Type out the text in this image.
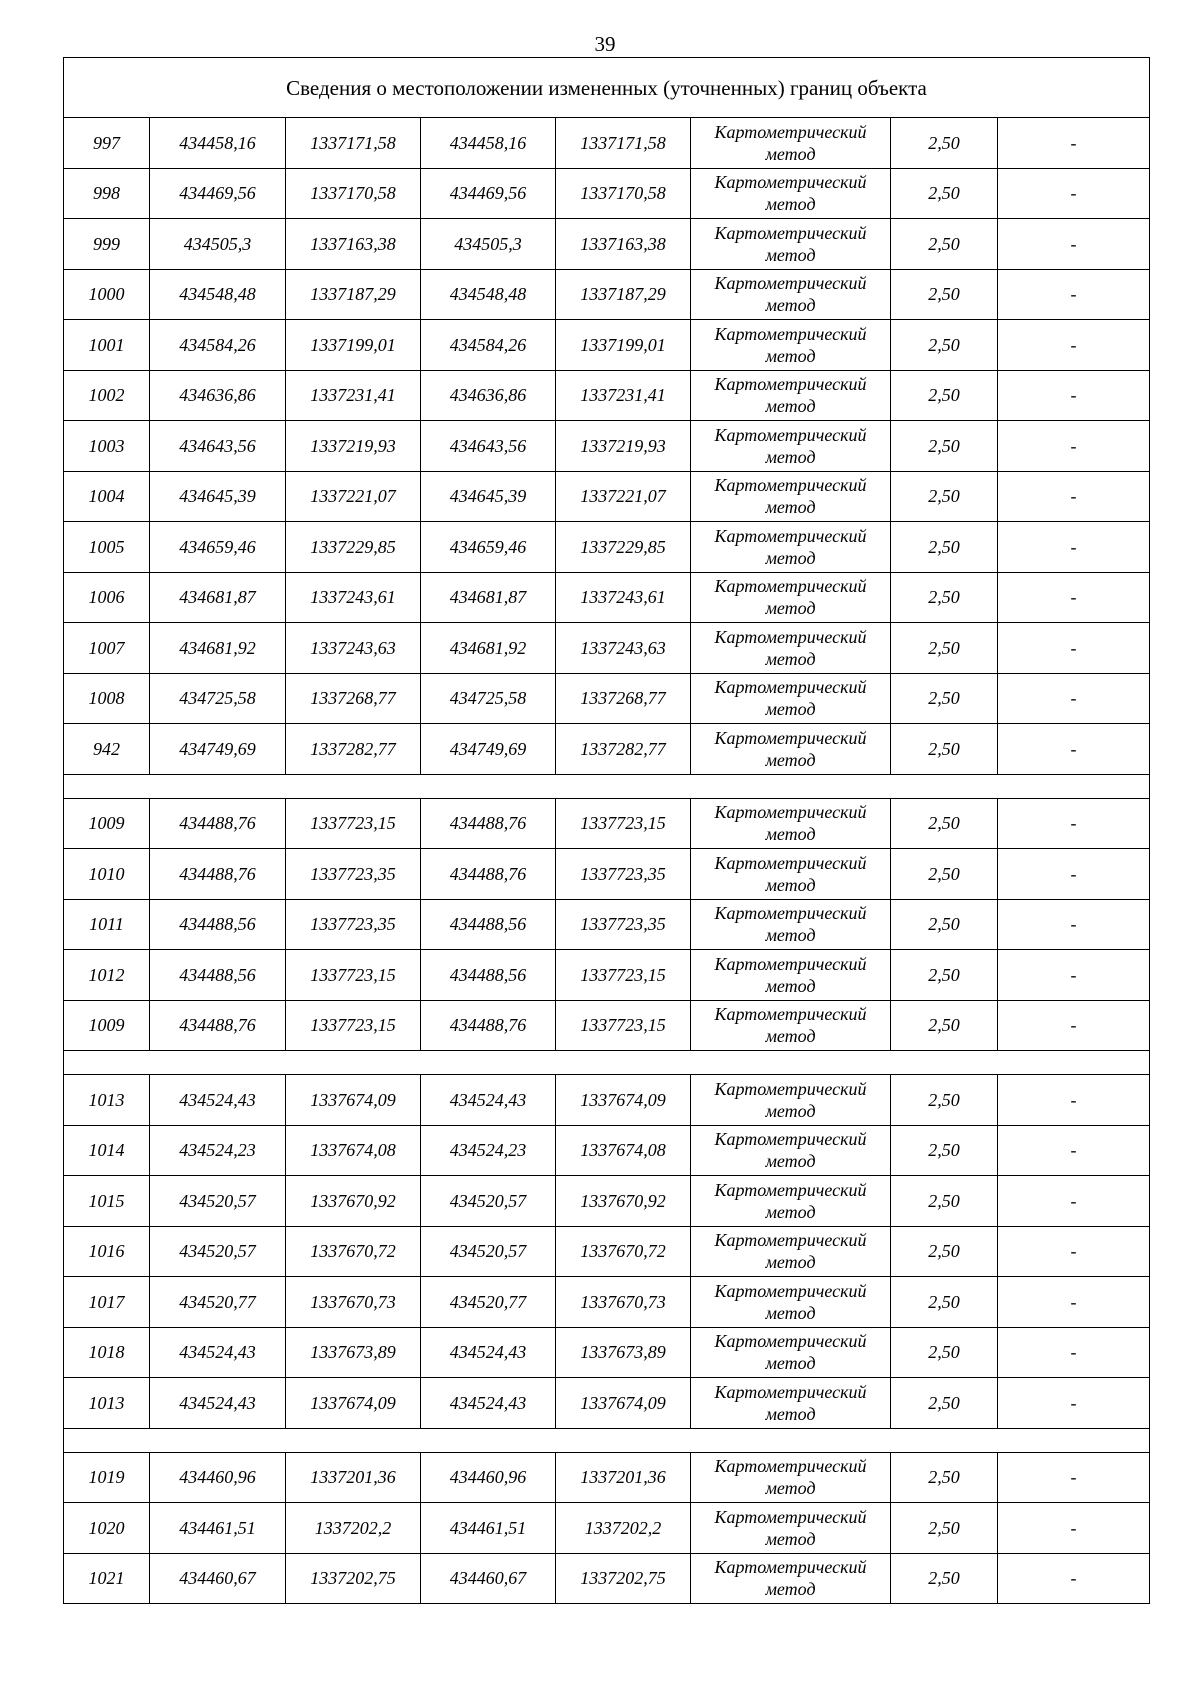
39
Сведения о местоположении измененных (уточненных) границ объекта							
997	434458,16	1337171,58	434458,16	1337171,58	Картометрический метод	2,50	-
998	434469,56	1337170,58	434469,56	1337170,58	Картометрический метод	2,50	-
999	434505,3	1337163,38	434505,3	1337163,38	Картометрический метод	2,50	-
1000	434548,48	1337187,29	434548,48	1337187,29	Картометрический метод	2,50	-
1001	434584,26	1337199,01	434584,26	1337199,01	Картометрический метод	2,50	-
1002	434636,86	1337231,41	434636,86	1337231,41	Картометрический метод	2,50	-
1003	434643,56	1337219,93	434643,56	1337219,93	Картометрический метод	2,50	-
1004	434645,39	1337221,07	434645,39	1337221,07	Картометрический метод	2,50	-
1005	434659,46	1337229,85	434659,46	1337229,85	Картометрический метод	2,50	-
1006	434681,87	1337243,61	434681,87	1337243,61	Картометрический метод	2,50	-
1007	434681,92	1337243,63	434681,92	1337243,63	Картометрический метод	2,50	-
1008	434725,58	1337268,77	434725,58	1337268,77	Картометрический метод	2,50	-
942	434749,69	1337282,77	434749,69	1337282,77	Картометрический метод	2,50	-

1009	434488,76	1337723,15	434488,76	1337723,15	Картометрический метод	2,50	-
1010	434488,76	1337723,35	434488,76	1337723,35	Картометрический метод	2,50	-
1011	434488,56	1337723,35	434488,56	1337723,35	Картометрический метод	2,50	-
1012	434488,56	1337723,15	434488,56	1337723,15	Картометрический метод	2,50	-
1009	434488,76	1337723,15	434488,76	1337723,15	Картометрический метод	2,50	-

1013	434524,43	1337674,09	434524,43	1337674,09	Картометрический метод	2,50	-
1014	434524,23	1337674,08	434524,23	1337674,08	Картометрический метод	2,50	-
1015	434520,57	1337670,92	434520,57	1337670,92	Картометрический метод	2,50	-
1016	434520,57	1337670,72	434520,57	1337670,72	Картометрический метод	2,50	-
1017	434520,77	1337670,73	434520,77	1337670,73	Картометрический метод	2,50	-
1018	434524,43	1337673,89	434524,43	1337673,89	Картометрический метод	2,50	-
1013	434524,43	1337674,09	434524,43	1337674,09	Картометрический метод	2,50	-

1019	434460,96	1337201,36	434460,96	1337201,36	Картометрический метод	2,50	-
1020	434461,51	1337202,2	434461,51	1337202,2	Картометрический метод	2,50	-
1021	434460,67	1337202,75	434460,67	1337202,75	Картометрический метод	2,50	-
